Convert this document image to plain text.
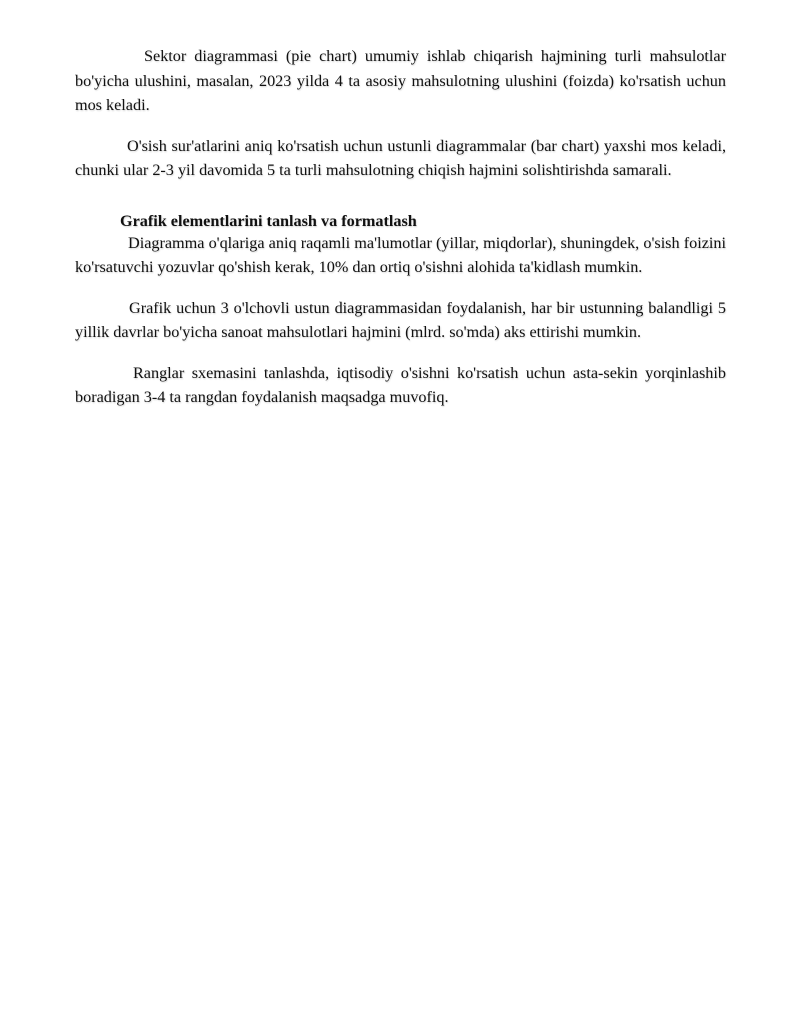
Sektor diagrammasi (pie chart) umumiy ishlab chiqarish hajmining turli mahsulotlar bo'yicha ulushini, masalan, 2023 yilda 4 ta asosiy mahsulotning ulushini (foizda) ko'rsatish uchun mos keladi.

O'sish sur'atlarini aniq ko'rsatish uchun ustunli diagrammalar (bar chart) yaxshi mos keladi, chunki ular 2-3 yil davomida 5 ta turli mahsulotning chiqish hajmini solishtirishda samarali.

Grafik elementlarini tanlash va formatlash

Diagramma o'qlariga aniq raqamli ma'lumotlar (yillar, miqdorlar), shuningdek, o'sish foizini ko'rsatuvchi yozuvlar qo'shish kerak, 10% dan ortiq o'sishni alohida ta'kidlash mumkin.

Grafik uchun 3 o'lchovli ustun diagrammasidan foydalanish, har bir ustunning balandligi 5 yillik davrlar bo'yicha sanoat mahsulotlari hajmini (mlrd. so'mda) aks ettirishi mumkin.

Ranglar sxemasini tanlashda, iqtisodiy o'sishni ko'rsatish uchun asta-sekin yorqinlashib boradigan 3-4 ta rangdan foydalanish maqsadga muvofiq.
